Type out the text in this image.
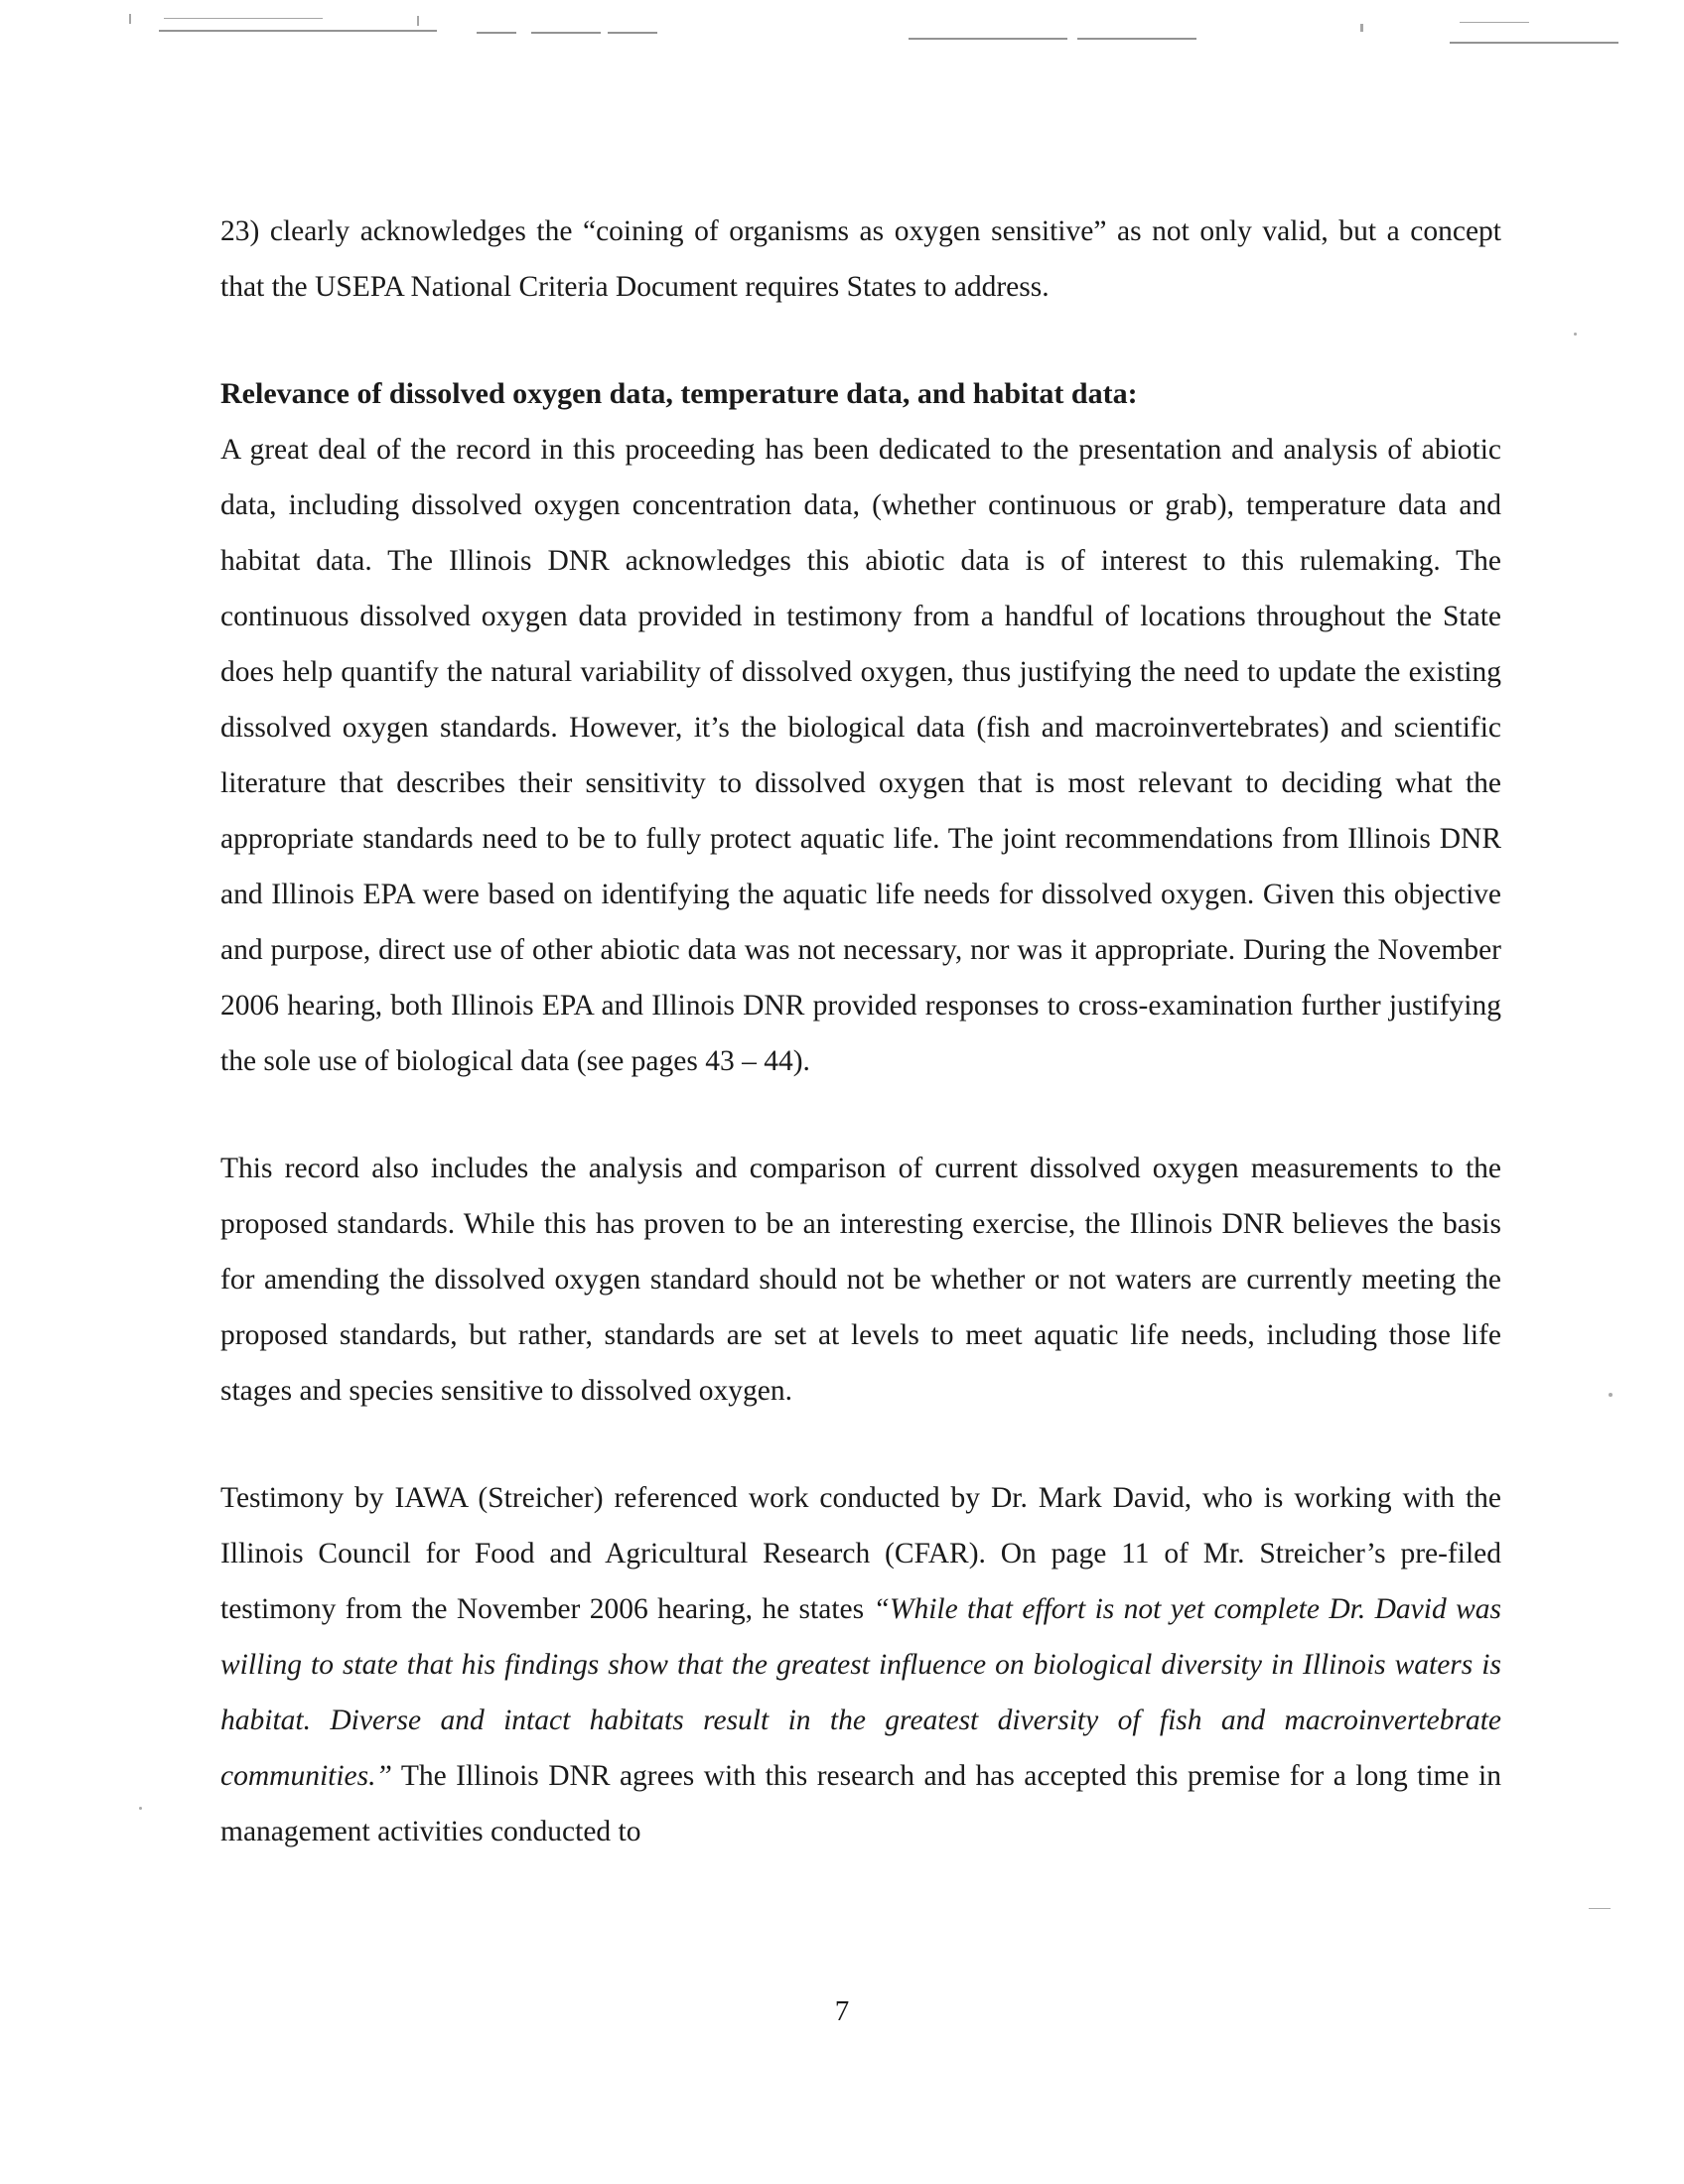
23) clearly acknowledges the “coining of organisms as oxygen sensitive” as not only valid, but a concept that the USEPA National Criteria Document requires States to address.

Relevance of dissolved oxygen data, temperature data, and habitat data:

A great deal of the record in this proceeding has been dedicated to the presentation and analysis of abiotic data, including dissolved oxygen concentration data, (whether continuous or grab), temperature data and habitat data. The Illinois DNR acknowledges this abiotic data is of interest to this rulemaking. The continuous dissolved oxygen data provided in testimony from a handful of locations throughout the State does help quantify the natural variability of dissolved oxygen, thus justifying the need to update the existing dissolved oxygen standards. However, it’s the biological data (fish and macroinvertebrates) and scientific literature that describes their sensitivity to dissolved oxygen that is most relevant to deciding what the appropriate standards need to be to fully protect aquatic life. The joint recommendations from Illinois DNR and Illinois EPA were based on identifying the aquatic life needs for dissolved oxygen. Given this objective and purpose, direct use of other abiotic data was not necessary, nor was it appropriate. During the November 2006 hearing, both Illinois EPA and Illinois DNR provided responses to cross-examination further justifying the sole use of biological data (see pages 43 – 44).

This record also includes the analysis and comparison of current dissolved oxygen measurements to the proposed standards. While this has proven to be an interesting exercise, the Illinois DNR believes the basis for amending the dissolved oxygen standard should not be whether or not waters are currently meeting the proposed standards, but rather, standards are set at levels to meet aquatic life needs, including those life stages and species sensitive to dissolved oxygen.

Testimony by IAWA (Streicher) referenced work conducted by Dr. Mark David, who is working with the Illinois Council for Food and Agricultural Research (CFAR). On page 11 of Mr. Streicher’s pre-filed testimony from the November 2006 hearing, he states “While that effort is not yet complete Dr. David was willing to state that his findings show that the greatest influence on biological diversity in Illinois waters is habitat. Diverse and intact habitats result in the greatest diversity of fish and macroinvertebrate communities.” The Illinois DNR agrees with this research and has accepted this premise for a long time in management activities conducted to

7
